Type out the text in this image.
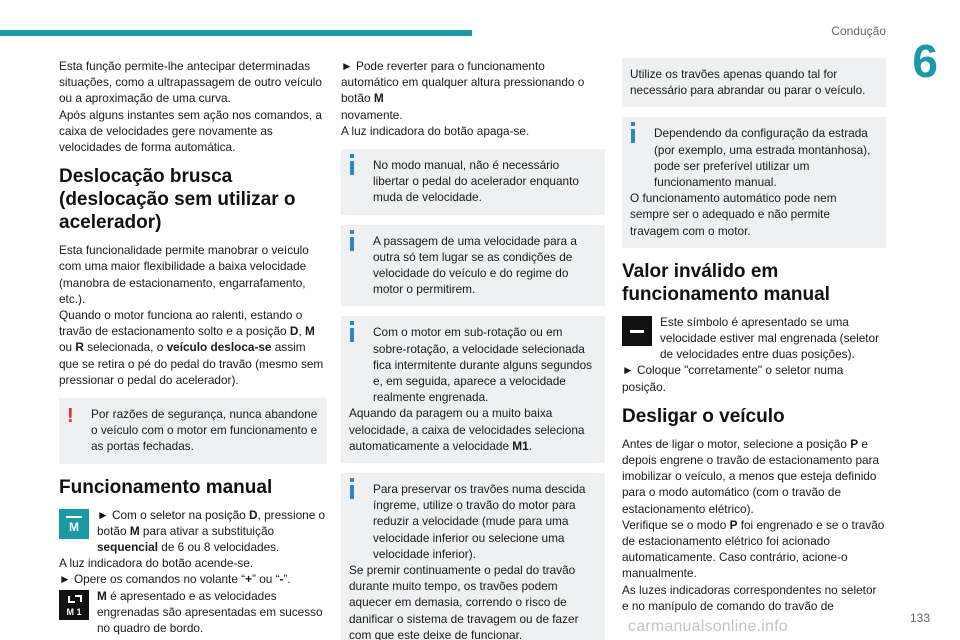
Condução
6

Esta função permite-lhe antecipar determinadas situações, como a ultrapassagem de outro veículo ou a aproximação de uma curva.

Após alguns instantes sem ação nos comandos, a caixa de velocidades gere novamente as velocidades de forma automática.

Deslocação brusca (deslocação sem utilizar o acelerador)

Esta funcionalidade permite manobrar o veículo com uma maior flexibilidade a baixa velocidade (manobra de estacionamento, engarrafamento, etc.).

Quando o motor funciona ao ralenti, estando o travão de estacionamento solto e a posição D, M ou R selecionada, o veículo desloca-se assim que se retira o pé do pedal do travão (mesmo sem pressionar o pedal do acelerador).

!	Por razões de segurança, nunca abandone o veículo com o motor em funcionamento e as portas fechadas.

Funcionamento manual
M

► Com o seletor na posição D, pressione o botão M para ativar a substituição sequencial de 6 ou 8 velocidades.

A luz indicadora do botão acende-se.

► Opere os comandos no volante “+” ou “-”.

M 1

M é apresentado e as velocidades engrenadas são apresentadas em sucesso no quadro de bordo.

► Pode reverter para o funcionamento automático em qualquer altura pressionando o botão M
novamente.

A luz indicadora do botão apaga-se.

No modo manual, não é necessário libertar o pedal do acelerador enquanto muda de velocidade.

A passagem de uma velocidade para a outra só tem lugar se as condições de velocidade do veículo e do regime do motor o permitirem.

Com o motor em sub-rotação ou em sobre-rotação, a velocidade selecionada fica intermitente durante alguns segundos e, em seguida, aparece a velocidade realmente engrenada.

Aquando da paragem ou a muito baixa velocidade, a caixa de velocidades seleciona automaticamente a velocidade M1.

Para preservar os travões numa descida íngreme, utilize o travão do motor para reduzir a velocidade (mude para uma velocidade inferior ou selecione uma velocidade inferior).

Se premir continuamente o pedal do travão durante muito tempo, os travões podem aquecer em demasia, correndo o risco de danificar o sistema de travagem ou de fazer com que este deixe de funcionar.

Utilize os travões apenas quando tal for necessário para abrandar ou parar o veículo.

Dependendo da configuração da estrada (por exemplo, uma estrada montanhosa), pode ser preferível utilizar um funcionamento manual.

O funcionamento automático pode nem sempre ser o adequado e não permite travagem com o motor.

Valor inválido em funcionamento manual

Este símbolo é apresentado se uma velocidade estiver mal engrenada (seletor de velocidades entre duas posições).

► Coloque "corretamente" o seletor numa posição.

Desligar o veículo

Antes de ligar o motor, selecione a posição P e depois engrene o travão de estacionamento para imobilizar o veículo, a menos que esteja definido para o modo automático (com o travão de estacionamento elétrico).

Verifique se o modo P foi engrenado e se o travão de estacionamento elétrico foi acionado automaticamente. Caso contrário, acione-o manualmente.

As luzes indicadoras correspondentes no seletor e no manípulo de comando do travão de

carmanualsonline.info	133
